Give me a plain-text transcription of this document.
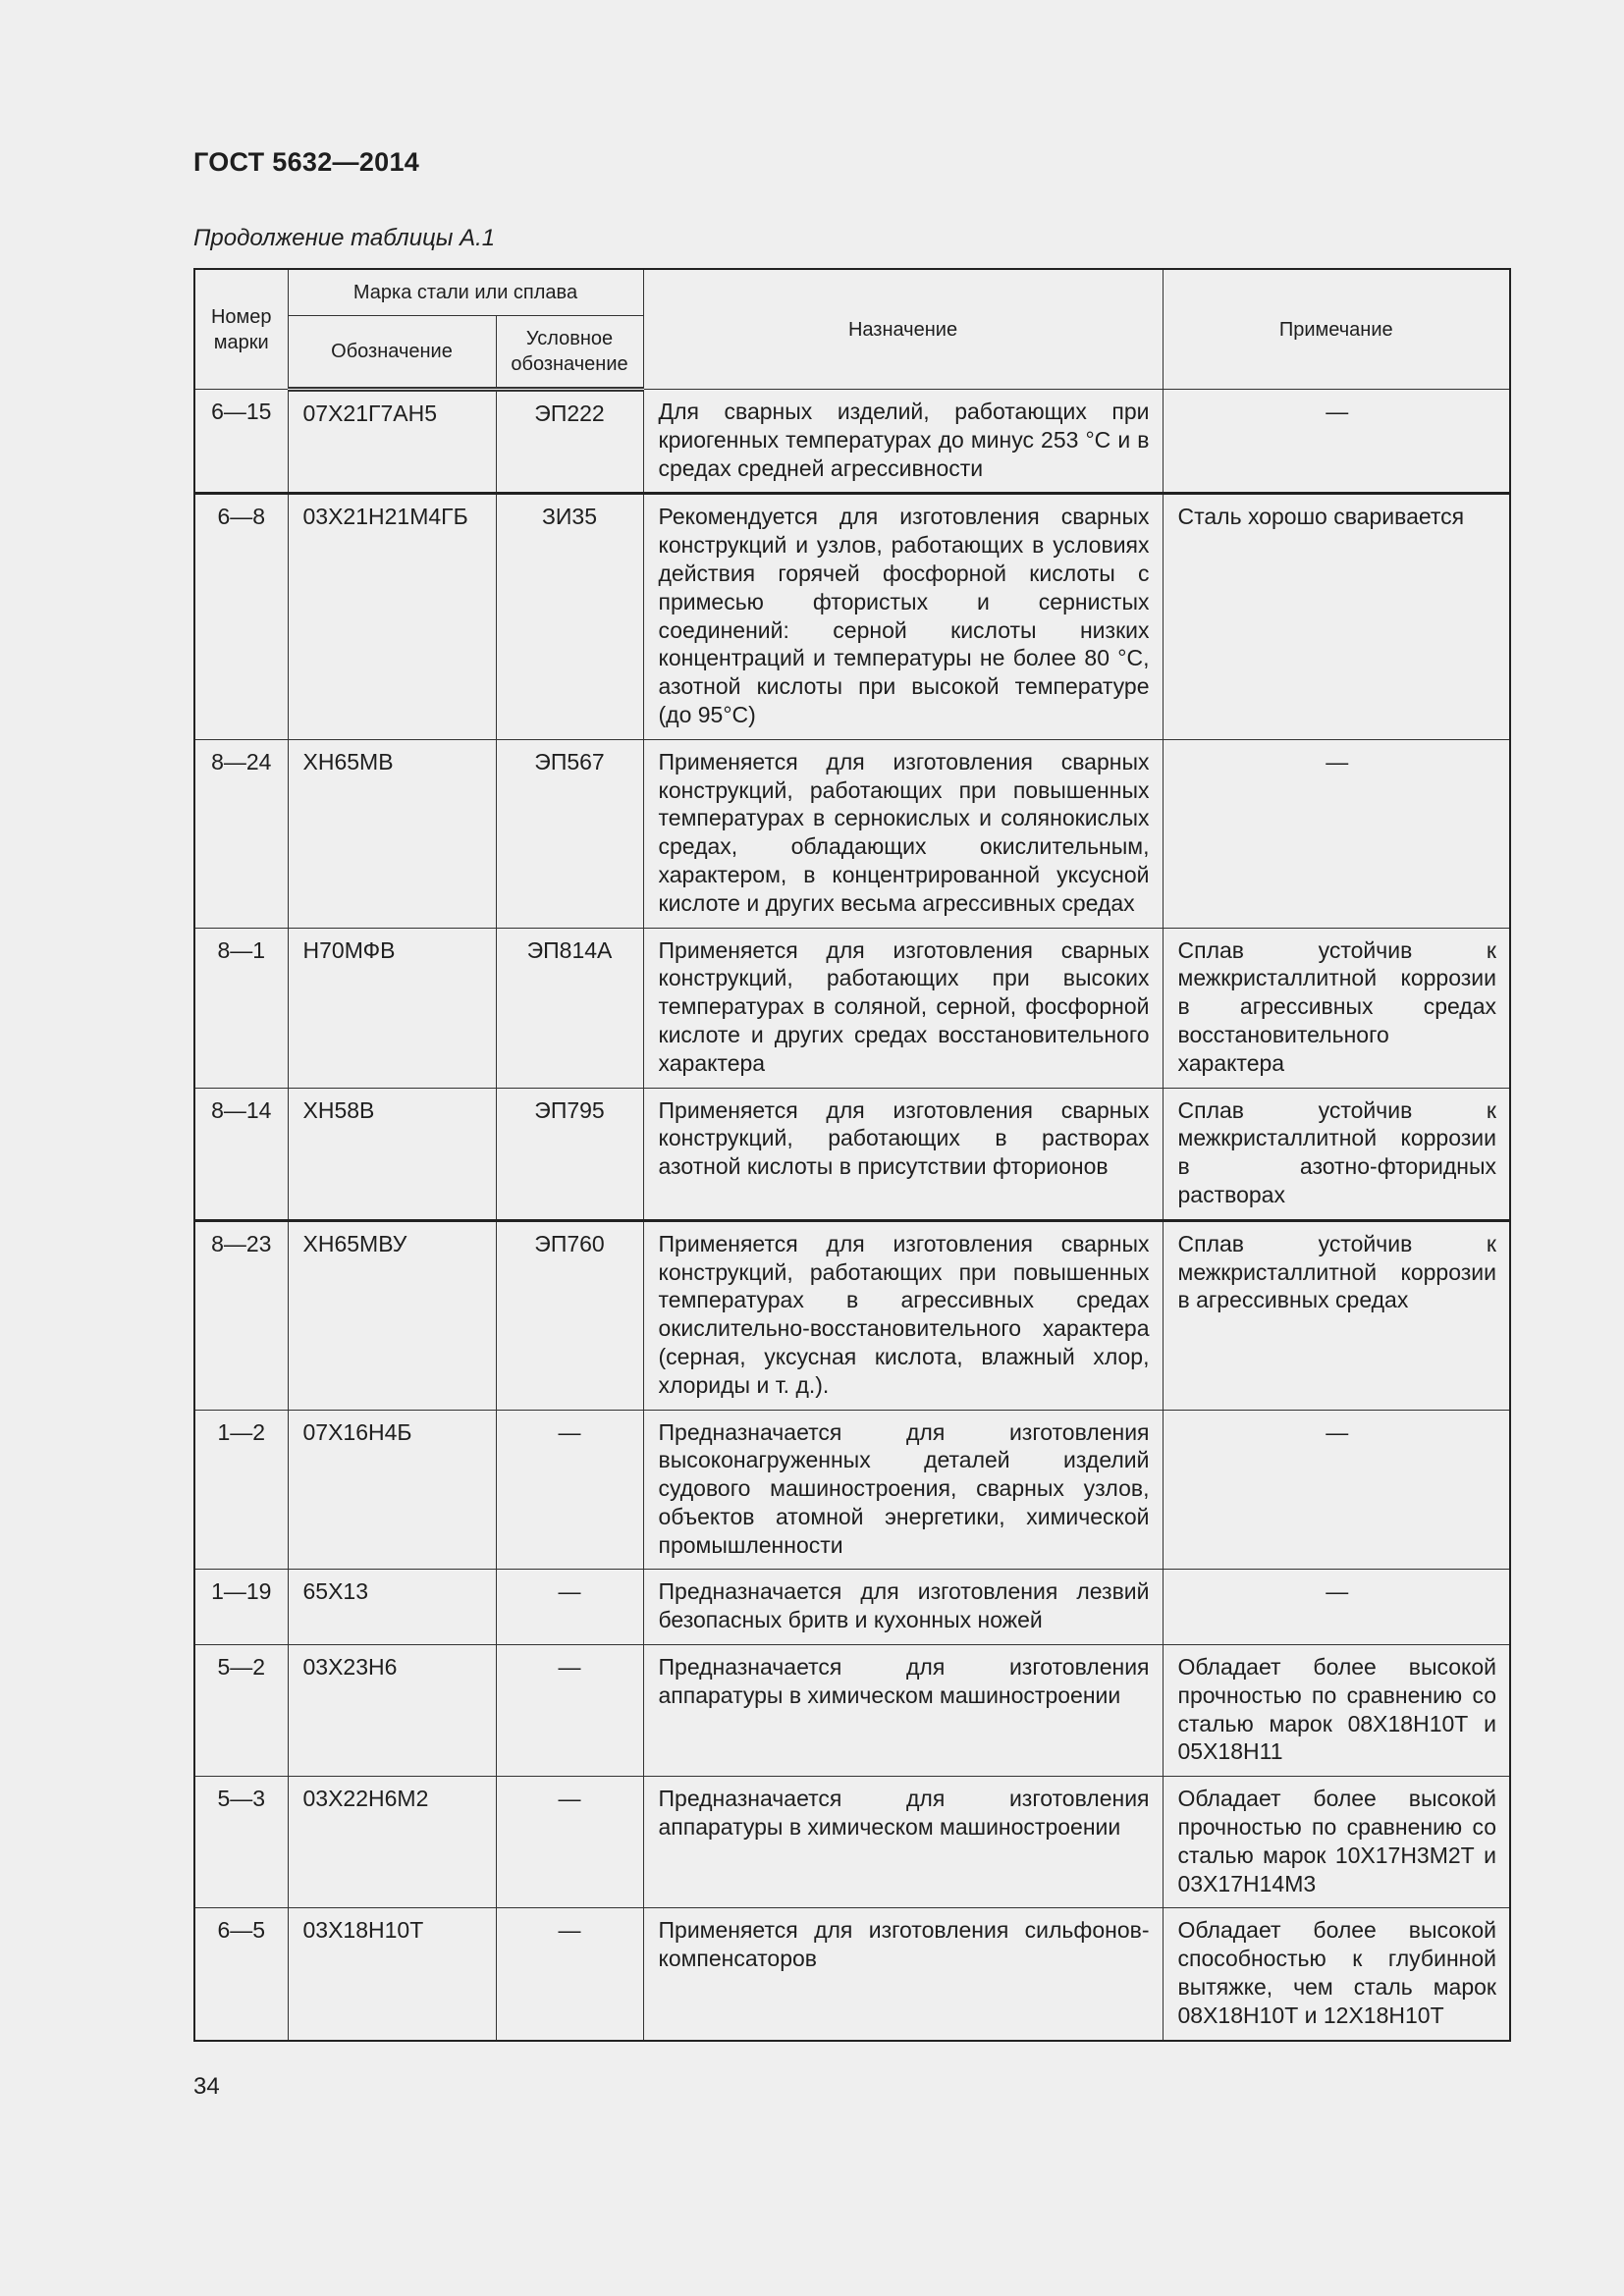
ГОСТ 5632—2014
Продолжение таблицы А.1
Номер марки	Марка стали или сплава		Назначение	Примечание
	Обозначение	Условное обозначение		

6—15	07Х21Г7АН5	ЭП222	Для сварных изделий, работающих при криогенных температурах до минус 253 °С и в средах средней агрессивности	—

6—8	03Х21Н21М4ГБ	ЗИ35	Рекомендуется для изготовления сварных конструкций и узлов, работающих в условиях действия горячей фосфорной кислоты с примесью фтористых и сернистых соединений: серной кислоты низких концентраций и температуры не более 80 °С, азотной кислоты при высокой температуре (до 95°С)	Сталь хорошо сваривается

8—24	ХН65МВ	ЭП567	Применяется для изготовления сварных конструкций, работающих при повышенных температурах в сернокислых и солянокислых средах, обладающих окислительным, характером, в концентрированной уксусной кислоте и других весьма агрессивных средах	—

8—1	Н70МФВ	ЭП814А	Применяется для изготовления сварных конструкций, работающих при высоких температурах в соляной, серной, фосфорной кислоте и других средах восстановительного характера	Сплав устойчив к межкристаллитной коррозии в агрессивных средах восстановительного характера

8—14	ХН58В	ЭП795	Применяется для изготовления сварных конструкций, работающих в растворах азотной кислоты в присутствии фторионов	Сплав устойчив к межкристаллитной коррозии в азотно-фторидных растворах

8—23	ХН65МВУ	ЭП760	Применяется для изготовления сварных конструкций, работающих при повышенных температурах в агрессивных средах окислительно-восстановительного характера (серная, уксусная кислота, влажный хлор, хлориды и т. д.).	Сплав устойчив к межкристаллитной коррозии в агрессивных средах

1—2	07Х16Н4Б	—	Предназначается для изготовления высоконагруженных деталей изделий судового машиностроения, сварных узлов, объектов атомной энергетики, химической промышленности	—

1—19	65Х13	—	Предназначается для изготовления лезвий безопасных бритв и кухонных ножей	—

5—2	03Х23Н6	—	Предназначается для изготовления аппаратуры в химическом машиностроении	Обладает более высокой прочностью по сравнению со сталью марок 08Х18Н10Т и 05Х18Н11

5—3	03Х22Н6М2	—	Предназначается для изготовления аппаратуры в химическом машиностроении	Обладает более высокой прочностью по сравнению со сталью марок 10Х17Н3М2Т и 03Х17Н14М3

6—5	03Х18Н10Т	—	Применяется для изготовления сильфонов-компенсаторов	Обладает более высокой способностью к глубинной вытяжке, чем сталь марок 08Х18Н10Т и 12Х18Н10Т
34
